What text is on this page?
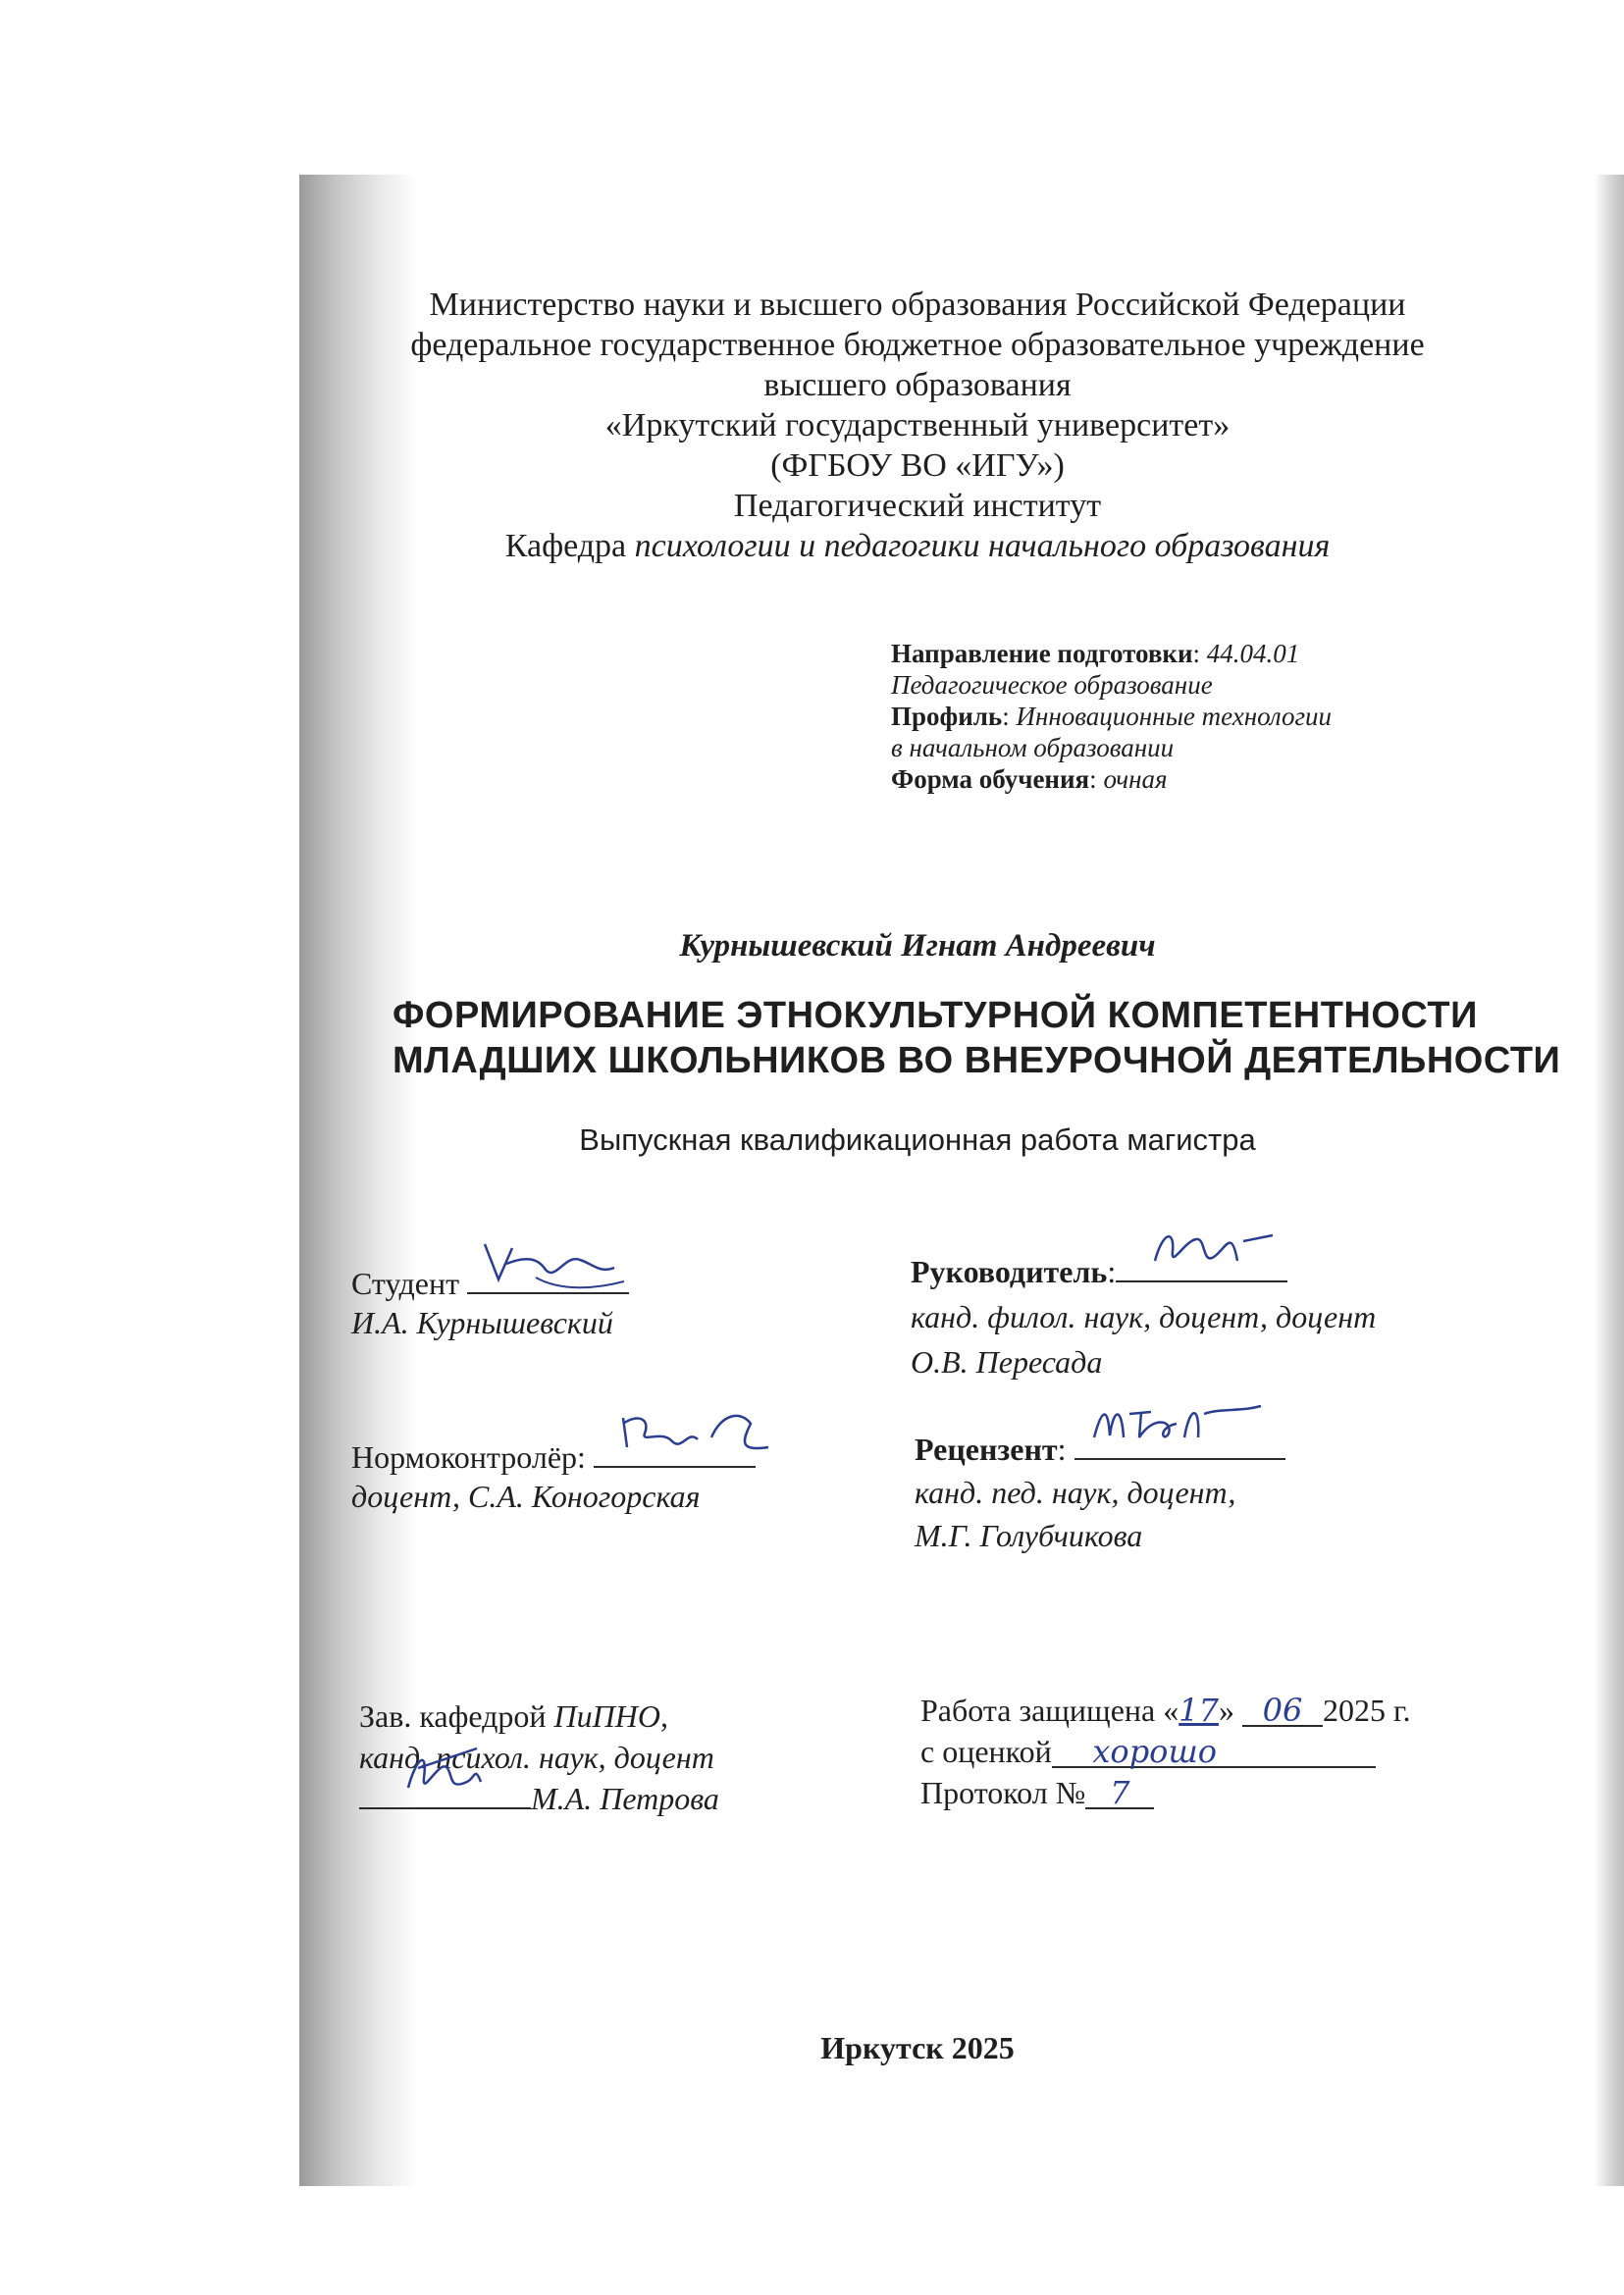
Министерство науки и высшего образования Российской Федерации
федеральное государственное бюджетное образовательное учреждение
высшего образования
«Иркутский государственный университет»
(ФГБОУ ВО «ИГУ»)
Педагогический институт
Кафедра психологии и педагогики начального образования
Направление подготовки: 44.04.01
Педагогическое образование
Профиль: Инновационные технологии
в начальном образовании
Форма обучения: очная
Курнышевский Игнат Андреевич
ФОРМИРОВАНИЕ ЭТНОКУЛЬТУРНОЙ КОМПЕТЕНТНОСТИ
МЛАДШИХ ШКОЛЬНИКОВ ВО ВНЕУРОЧНОЙ ДЕЯТЕЛЬНОСТИ
Выпускная квалификационная работа магистра
Студент
И.А. Курнышевский
Руководитель:
канд. филол. наук, доцент, доцент
О.В. Пересада
Нормоконтролёр:
доцент, С.А. Коногорская
Рецензент:
канд. пед. наук, доцент,
М.Г. Голубчикова
Зав. кафедрой ПиПНО,
канд. психол. наук, доцент
М.А. Петрова
Работа защищена «17» 06 2025 г.
с оценкой хорошо
Протокол № 7
Иркутск 2025
